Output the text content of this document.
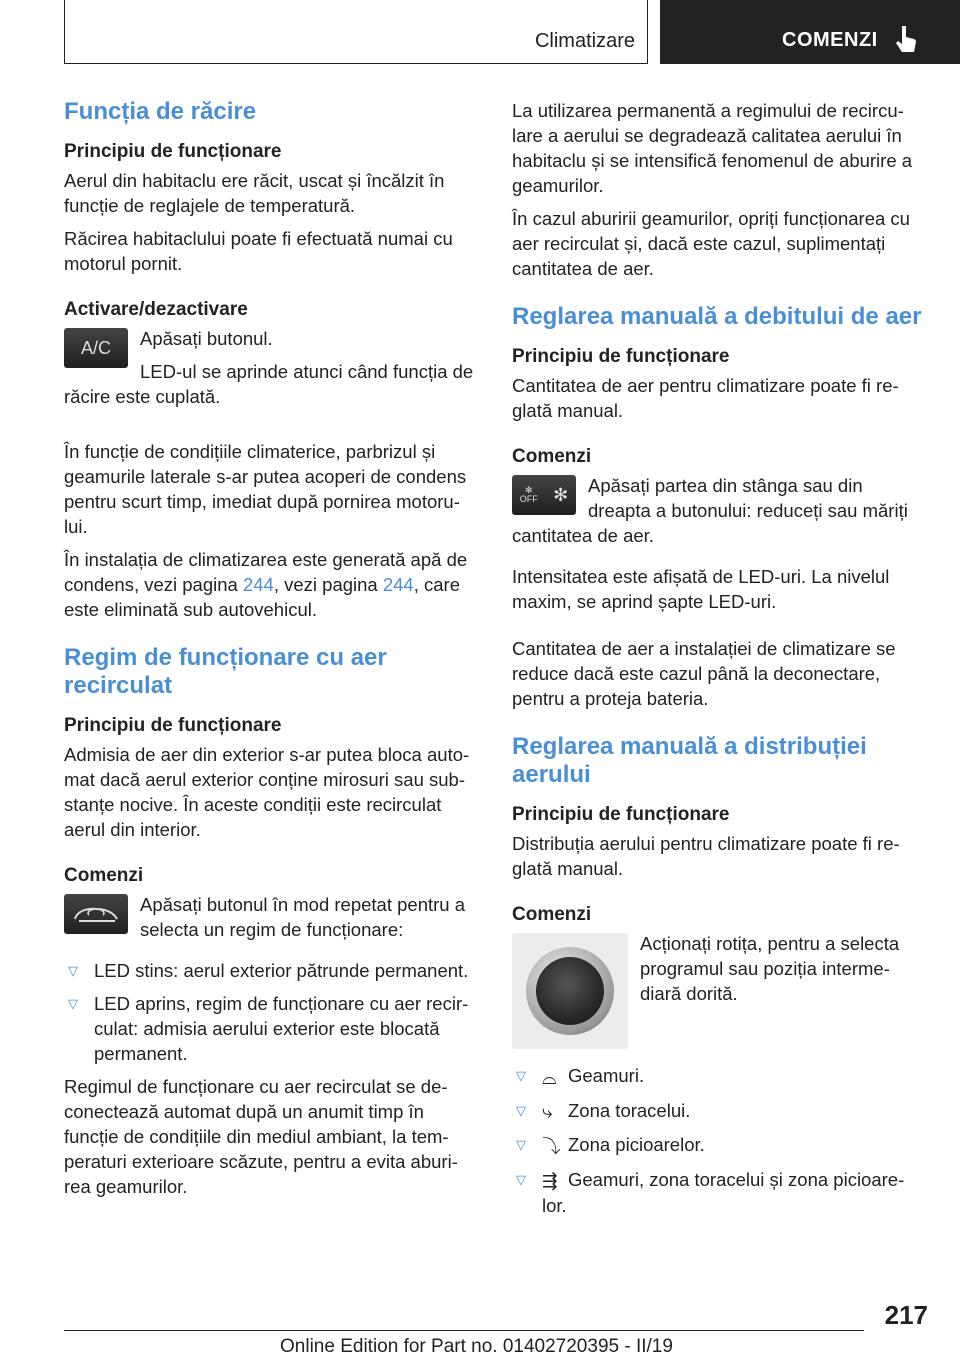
Climatizare	COMENZI
Funcția de răcire
Principiu de funcționare

Aerul din habitaclu ere răcit, uscat și încălzit în funcție de reglajele de temperatură.

Răcirea habitaclului poate fi efectuată numai cu motorul pornit.

Activare/dezactivare
A/C	Apăsați butonul.

LED-ul se aprinde atunci când funcția de răcire este cuplată.

În funcție de condițiile climaterice, parbrizul și geamurile laterale s-ar putea acoperi de condens pentru scurt timp, imediat după pornirea motoru-lui.

În instalația de climatizarea este generată apă de condens, vezi pagina 244, vezi pagina 244, care este eliminată sub autovehicul.

Regim de funcționare cu aer recirculat
Principiu de funcționare

Admisia de aer din exterior s-ar putea bloca auto-mat dacă aerul exterior conține mirosuri sau sub-stanțe nocive. În aceste condiții este recirculat aerul din interior.

Comenzi

Apăsați butonul în mod repetat pentru a selecta un regim de funcționare:

▽ LED stins: aerul exterior pătrunde permanent.
▽ LED aprins, regim de funcționare cu aer recir-culat: admisia aerului exterior este blocată permanent.

Regimul de funcționare cu aer recirculat se de-conectează automat după un anumit timp în funcție de condițiile din mediul ambiant, la tem-peraturi exterioare scăzute, pentru a evita aburi-rea geamurilor.

La utilizarea permanentă a regimului de recircu-lare a aerului se degradează calitatea aerului în habitaclu și se intensifică fenomenul de aburire a geamurilor.

În cazul aburirii geamurilor, opriți funcționarea cu aer recirculat și, dacă este cazul, suplimentați cantitatea de aer.

Reglarea manuală a debitului de aer
Principiu de funcționare

Cantitatea de aer pentru climatizare poate fi re-glată manual.

Comenzi
✻
OFF ✻	Apăsați partea din stânga sau din dreapta a butonului: reduceți sau măriți cantitatea de aer.

Intensitatea este afișată de LED-uri. La nivelul maxim, se aprind șapte LED-uri.

Cantitatea de aer a instalației de climatizare se reduce dacă este cazul până la deconectare, pentru a proteja bateria.

Reglarea manuală a distribuției aerului
Principiu de funcționare

Distribuția aerului pentru climatizare poate fi re-glată manual.

Comenzi

Acționați rotița, pentru a selecta programul sau poziția interme-diară dorită.

▽ ⌓ Geamuri.
▽ ⤷ Zona toracelui.
▽ ⤵ Zona picioarelor.
▽ ⇶ Geamuri, zona toracelui și zona picioare-lor.
217
Online Edition for Part no. 01402720395 - II/19
